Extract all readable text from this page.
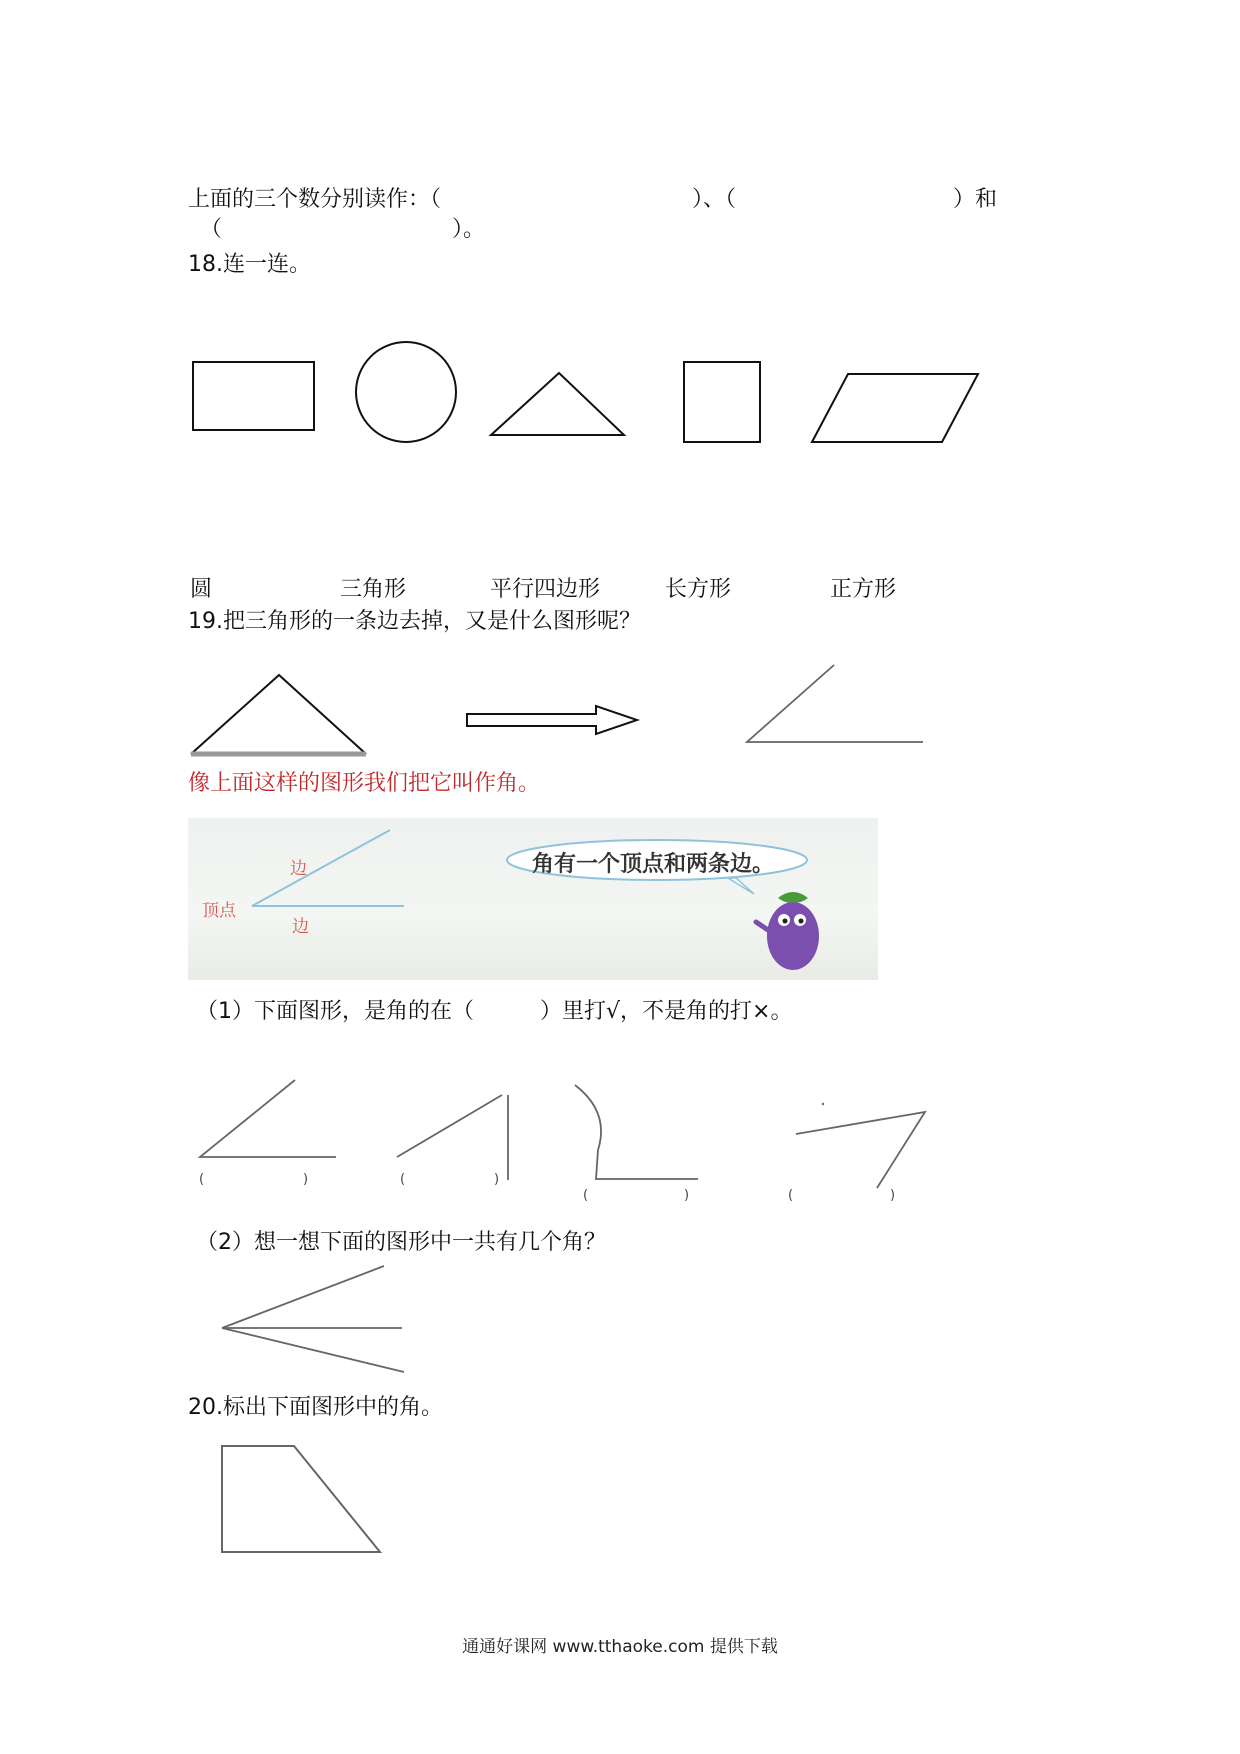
上面的三个数分别读作：（	）、（	）和
（	）。
18.连一连。
圆	三角形	平行四边形	长方形	正方形
19.把三角形的一条边去掉，又是什么图形呢？
像上面这样的图形我们把它叫作角。
边
边
顶点
角有一个顶点和两条边。
（1）下面图形，是角的在（　　　）里打√，不是角的打×。
(	)	(	)
(	)	(	)
（2）想一想下面的图形中一共有几个角？
20.标出下面图形中的角。
通通好课网 www.tthaoke.com 提供下载
